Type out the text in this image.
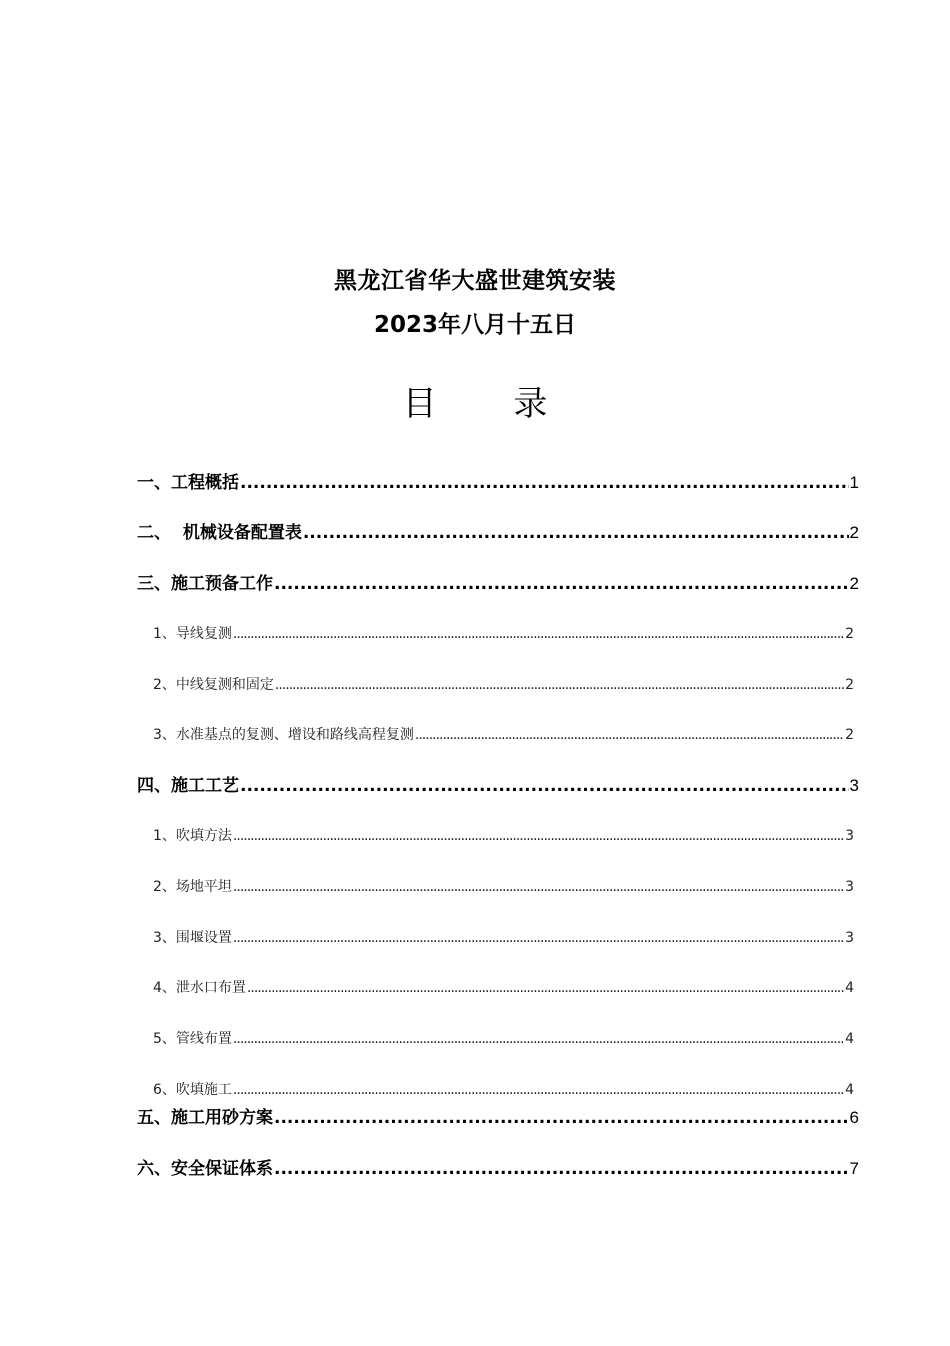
黑龙江省华大盛世建筑安装
2023年八月十五日
目 录
一、工程概括 .....	1
二、  机械设备配置表 .....	2
三、施工预备工作 .....	2
1、导线复测 .....	2
2、中线复测和固定 .....	2
3、水准基点的复测、增设和路线高程复测 .....	2
四、施工工艺 .....	3
1、吹填方法 .....	3
2、场地平坦 .....	3
3、围堰设置 .....	3
4、泄水口布置 .....	4
5、管线布置 .....	4
6、吹填施工 .....	4
五、施工用砂方案 .....	6
六、安全保证体系 .....	7
